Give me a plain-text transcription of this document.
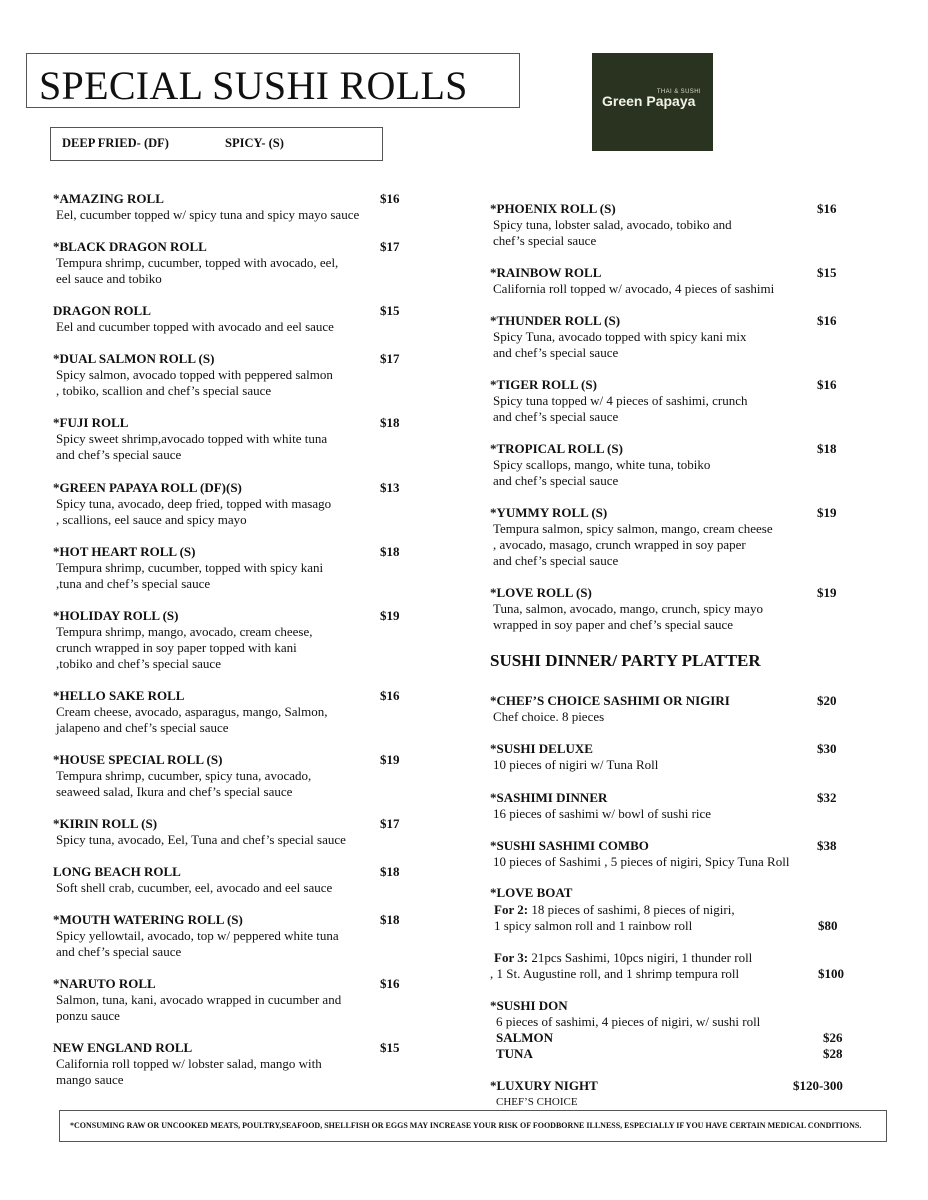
SPECIAL SUSHI ROLLS	THAI & SUSHI
Green Papaya
DEEP FRIED- (DF)	SPICY- (S)
*AMAZING ROLL	$16
Eel, cucumber topped w/ spicy tuna and spicy mayo sauce
*BLACK DRAGON ROLL	$17
Tempura shrimp, cucumber, topped with avocado, eel,
eel sauce and tobiko
DRAGON ROLL	$15
Eel and cucumber topped with avocado and eel sauce
*DUAL SALMON ROLL (S)	$17
Spicy salmon, avocado topped with peppered salmon
, tobiko, scallion and chef’s special sauce
*FUJI ROLL	$18
Spicy sweet shrimp,avocado topped with white tuna
and chef’s special sauce
*GREEN PAPAYA ROLL (DF)(S)	$13
Spicy tuna, avocado, deep fried, topped with masago
, scallions, eel sauce and spicy mayo
*HOT HEART ROLL (S)	$18
Tempura shrimp, cucumber, topped with spicy kani
,tuna and chef’s special sauce
*HOLIDAY ROLL (S)	$19
Tempura shrimp, mango, avocado, cream cheese,
crunch wrapped in soy paper topped with kani
,tobiko and chef’s special sauce
*HELLO SAKE ROLL	$16
Cream cheese, avocado, asparagus, mango, Salmon,
jalapeno and chef’s special sauce
*HOUSE SPECIAL ROLL (S)	$19
Tempura shrimp, cucumber, spicy tuna, avocado,
seaweed salad, Ikura and chef’s special sauce
*KIRIN ROLL (S)	$17
Spicy tuna, avocado, Eel, Tuna and chef’s special sauce
LONG BEACH ROLL	$18
Soft shell crab, cucumber, eel, avocado and eel sauce
*MOUTH WATERING ROLL (S)	$18
Spicy yellowtail, avocado, top w/ peppered white tuna
and chef’s special sauce
*NARUTO ROLL	$16
Salmon, tuna, kani, avocado wrapped in cucumber and
ponzu sauce
NEW ENGLAND ROLL	$15
California roll topped w/ lobster salad, mango with
mango sauce
*PHOENIX ROLL (S)	$16
Spicy tuna, lobster salad, avocado, tobiko and
chef’s special sauce
*RAINBOW ROLL	$15
California roll topped w/ avocado, 4 pieces of sashimi
*THUNDER ROLL (S)	$16
Spicy Tuna, avocado topped with spicy kani mix
and chef’s special sauce
*TIGER ROLL (S)	$16
Spicy tuna topped w/ 4 pieces of sashimi, crunch
and chef’s special sauce
*TROPICAL ROLL (S)	$18
Spicy scallops, mango, white tuna, tobiko
and chef’s special sauce
*YUMMY ROLL (S)	$19
Tempura salmon, spicy salmon, mango, cream cheese
, avocado, masago, crunch wrapped in soy paper
and chef’s special sauce
*LOVE ROLL (S)	$19
Tuna, salmon, avocado, mango, crunch, spicy mayo
wrapped in soy paper and chef’s special sauce
SUSHI DINNER/ PARTY PLATTER
*CHEF’S CHOICE SASHIMI OR NIGIRI	$20
Chef choice. 8 pieces
*SUSHI DELUXE	$30
10 pieces of nigiri w/ Tuna Roll
*SASHIMI DINNER	$32
16 pieces of sashimi w/ bowl of sushi rice
*SUSHI SASHIMI COMBO	$38
10 pieces of Sashimi , 5 pieces of nigiri, Spicy Tuna Roll
*LOVE BOAT
For 2: 18 pieces of sashimi, 8 pieces of nigiri,
1 spicy salmon roll and 1 rainbow roll	$80
For 3: 21pcs Sashimi, 10pcs nigiri, 1 thunder roll
, 1 St. Augustine roll, and 1 shrimp tempura roll	$100
*SUSHI DON
6 pieces of sashimi, 4 pieces of nigiri, w/ sushi roll
SALMON	$26
TUNA	$28
*LUXURY NIGHT	$120-300
CHEF’S CHOICE
*CONSUMING RAW OR UNCOOKED MEATS, POULTRY,SEAFOOD, SHELLFISH OR EGGS MAY INCREASE YOUR RISK OF FOODBORNE ILLNESS, ESPECIALLY IF YOU HAVE CERTAIN MEDICAL CONDITIONS.
